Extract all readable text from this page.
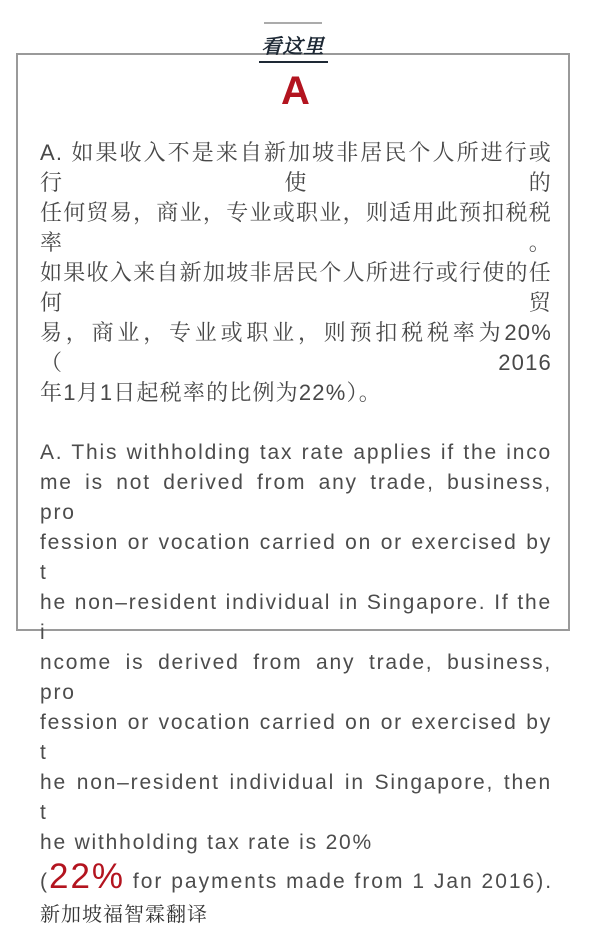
看这里
A
A. 如果收入不是来自新加坡非居民个人所进行或行使的
任何贸易，商业，专业或职业，则适用此预扣税税率。
如果收入来自新加坡非居民个人所进行或行使的任何贸
易，商业，专业或职业，则预扣税税率为20% （2016
年1月1日起税率的比例为22%）。
A. This withholding tax rate applies if the inco
me is not derived from any trade, business, pro
fession or vocation carried on or exercised by t
he non–resident individual in Singapore. If the i
ncome is derived from any trade, business, pro
fession or vocation carried on or exercised by t
he non–resident individual in Singapore, then t
he withholding tax rate is 20%
(22% for payments made from 1 Jan 2016).
新加坡福智霖翻译
